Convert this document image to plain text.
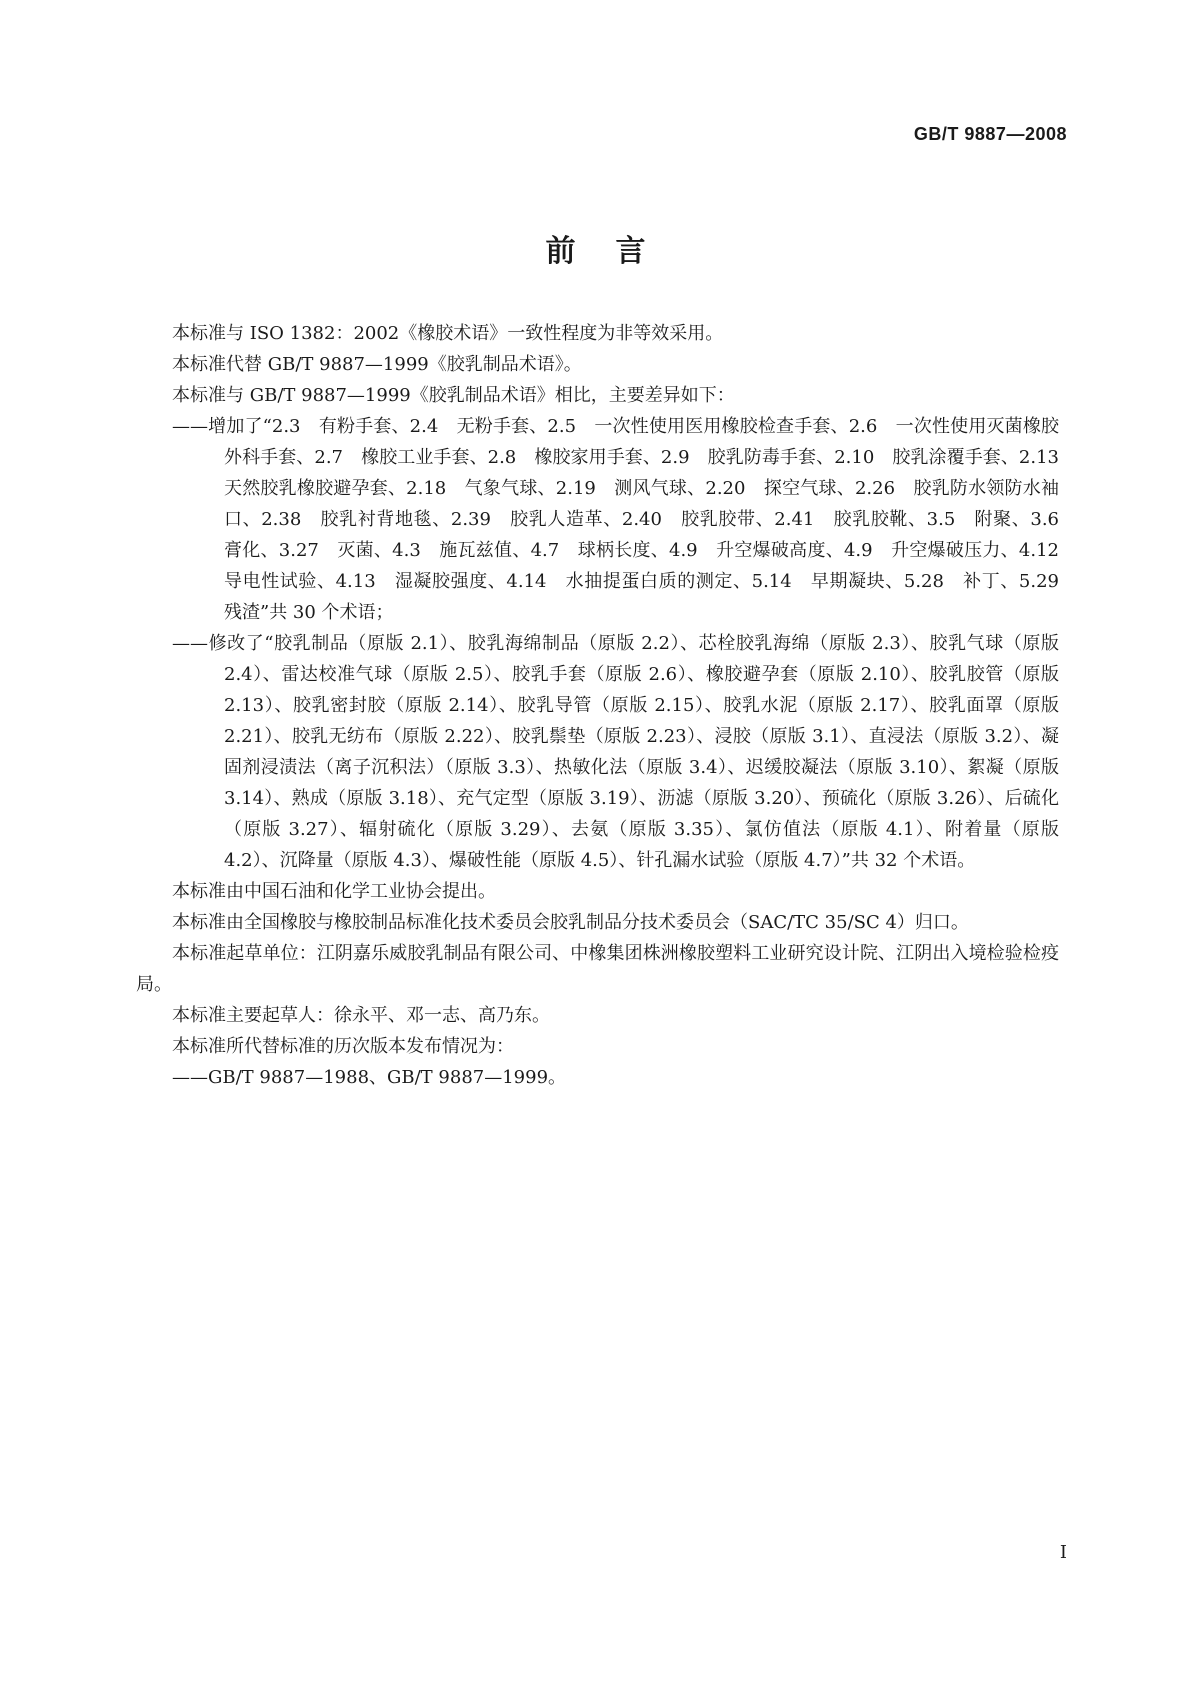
GB/T 9887—2008
前言

本标准与 ISO 1382：2002《橡胶术语》一致性程度为非等效采用。

本标准代替 GB/T 9887—1999《胶乳制品术语》。

本标准与 GB/T 9887—1999《胶乳制品术语》相比，主要差异如下：

——增加了“2.3　有粉手套、2.4　无粉手套、2.5　一次性使用医用橡胶检查手套、2.6　一次性使用灭菌橡胶外科手套、2.7　橡胶工业手套、2.8　橡胶家用手套、2.9　胶乳防毒手套、2.10　胶乳涂覆手套、2.13　天然胶乳橡胶避孕套、2.18　气象气球、2.19　测风气球、2.20　探空气球、2.26　胶乳防水领防水袖口、2.38　胶乳衬背地毯、2.39　胶乳人造革、2.40　胶乳胶带、2.41　胶乳胶靴、3.5　附聚、3.6　膏化、3.27　灭菌、4.3　施瓦兹值、4.7　球柄长度、4.9　升空爆破高度、4.9　升空爆破压力、4.12　导电性试验、4.13　湿凝胶强度、4.14　水抽提蛋白质的测定、5.14　早期凝块、5.28　补丁、5.29　残渣”共 30 个术语；

——修改了“胶乳制品（原版 2.1）、胶乳海绵制品（原版 2.2）、芯栓胶乳海绵（原版 2.3）、胶乳气球（原版 2.4）、雷达校准气球（原版 2.5）、胶乳手套（原版 2.6）、橡胶避孕套（原版 2.10）、胶乳胶管（原版2.13）、胶乳密封胶（原版 2.14）、胶乳导管（原版 2.15）、胶乳水泥（原版 2.17）、胶乳面罩（原版 2.21）、胶乳无纺布（原版 2.22）、胶乳鬃垫（原版 2.23）、浸胶（原版 3.1）、直浸法（原版 3.2）、凝固剂浸渍法（离子沉积法）（原版 3.3）、热敏化法（原版 3.4）、迟缓胶凝法（原版 3.10）、絮凝（原版 3.14）、熟成（原版 3.18）、充气定型（原版 3.19）、沥滤（原版 3.20）、预硫化（原版 3.26）、后硫化（原版 3.27）、辐射硫化（原版 3.29）、去氨（原版 3.35）、氯仿值法（原版 4.1）、附着量（原版 4.2）、沉降量（原版 4.3）、爆破性能（原版 4.5）、针孔漏水试验（原版 4.7）”共 32 个术语。

本标准由中国石油和化学工业协会提出。

本标准由全国橡胶与橡胶制品标准化技术委员会胶乳制品分技术委员会（SAC/TC 35/SC 4）归口。

本标准起草单位：江阴嘉乐威胶乳制品有限公司、中橡集团株洲橡胶塑料工业研究设计院、江阴出入境检验检疫局。

本标准主要起草人：徐永平、邓一志、高乃东。

本标准所代替标准的历次版本发布情况为：

——GB/T 9887—1988、GB/T 9887—1999。

I
